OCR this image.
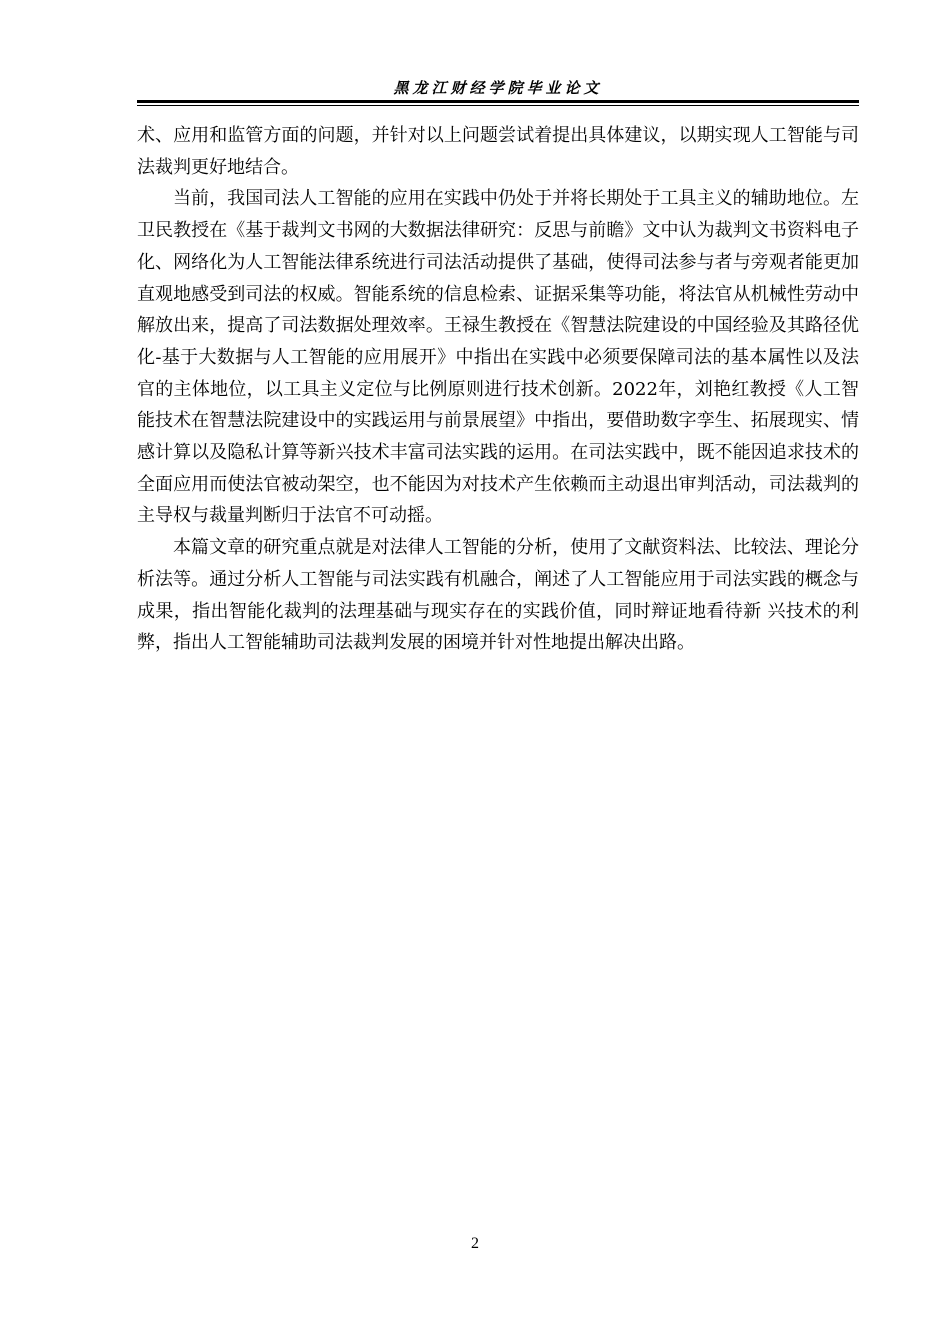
黑龙江财经学院毕业论文

术、应用和监管方面的问题，并针对以上问题尝试着提出具体建议，以期实现人工智能与司法裁判更好地结合。

当前，我国司法人工智能的应用在实践中仍处于并将长期处于工具主义的辅助地位。左卫民教授在《基于裁判文书网的大数据法律研究：反思与前瞻》文中认为裁判文书资料电子化、网络化为人工智能法律系统进行司法活动提供了基础，使得司法参与者与旁观者能更加直观地感受到司法的权威。智能系统的信息检索、证据采集等功能，将法官从机械性劳动中解放出来，提高了司法数据处理效率。王禄生教授在《智慧法院建设的中国经验及其路径优化-基于大数据与人工智能的应用展开》中指出在实践中必须要保障司法的基本属性以及法官的主体地位，以工具主义定位与比例原则进行技术创新。2022年，刘艳红教授《人工智能技术在智慧法院建设中的实践运用与前景展望》中指出，要借助数字孪生、拓展现实、情感计算以及隐私计算等新兴技术丰富司法实践的运用。在司法实践中，既不能因追求技术的全面应用而使法官被动架空，也不能因为对技术产生依赖而主动退出审判活动，司法裁判的主导权与裁量判断归于法官不可动摇。

本篇文章的研究重点就是对法律人工智能的分析，使用了文献资料法、比较法、理论分析法等。通过分析人工智能与司法实践有机融合，阐述了人工智能应用于司法实践的概念与成果，指出智能化裁判的法理基础与现实存在的实践价值，同时辩证地看待新 兴技术的利弊，指出人工智能辅助司法裁判发展的困境并针对性地提出解决出路。

2
